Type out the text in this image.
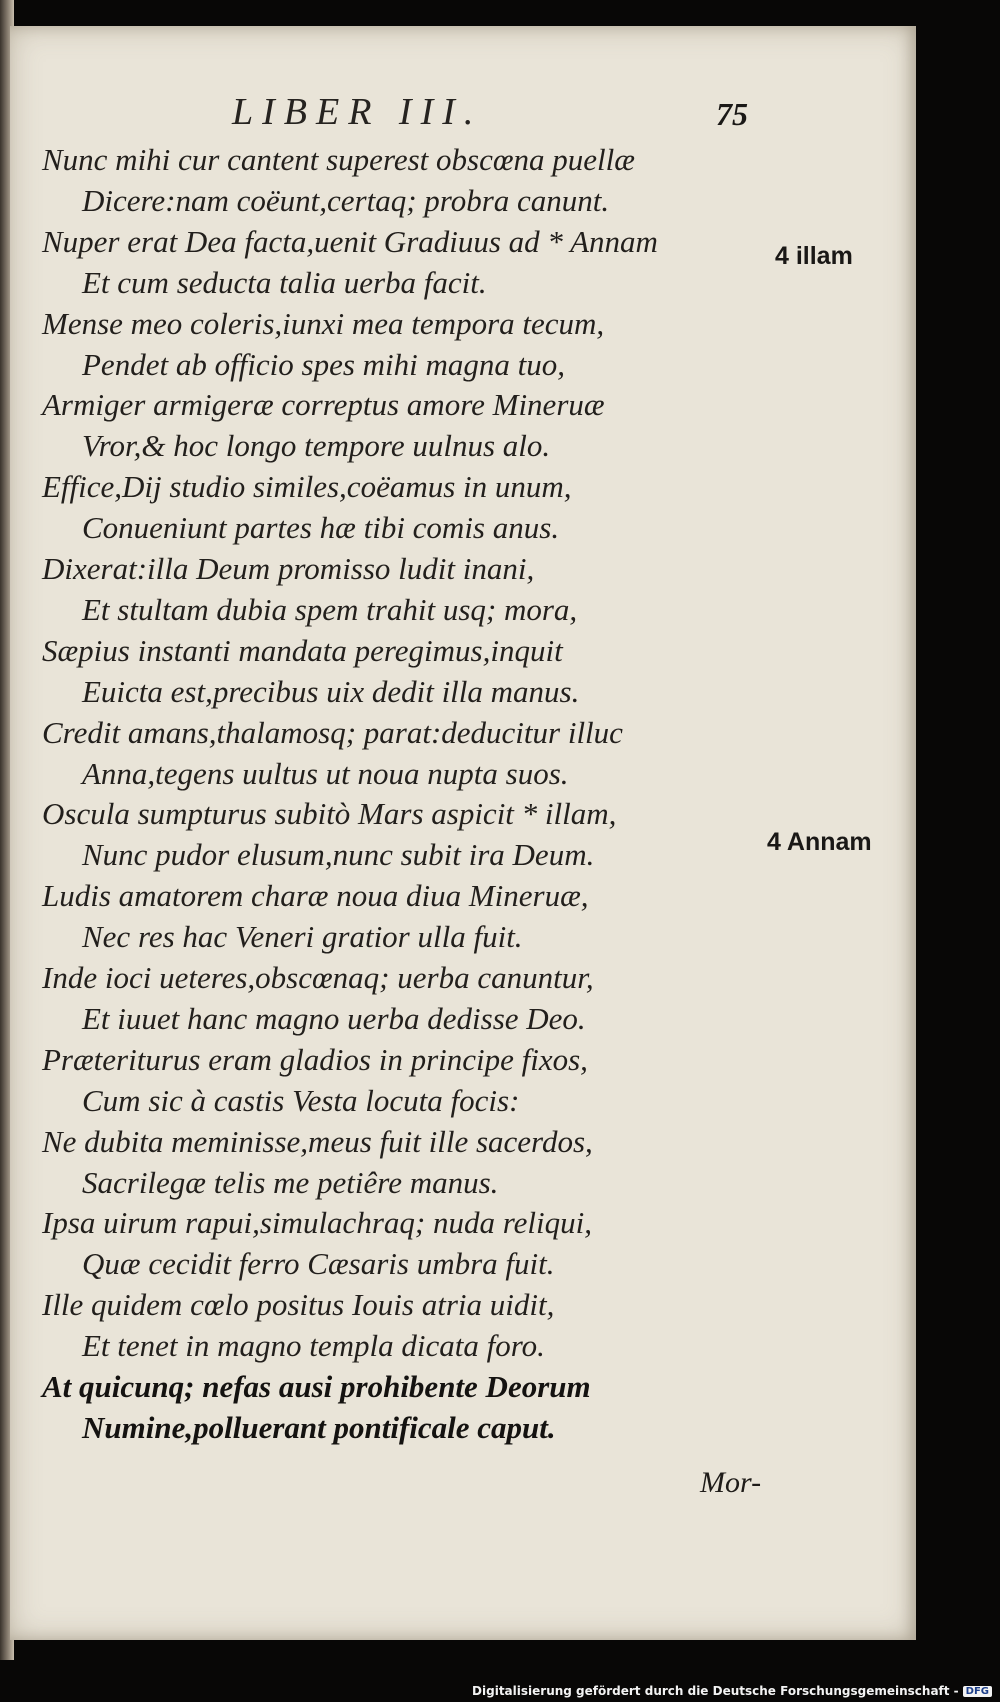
LIBER III.	75
Nunc mihi cur cantent superest obscœna puellæ
Dicere:nam coëunt,certaq; probra canunt.
Nuper erat Dea facta,uenit Gradiuus ad * Annam
Et cum seducta talia uerba facit.
Mense meo coleris,iunxi mea tempora tecum,
Pendet ab officio spes mihi magna tuo,
Armiger armigeræ correptus amore Mineruæ
Vror,& hoc longo tempore uulnus alo.
Effice,Dij studio similes,coëamus in unum,
Conueniunt partes hæ tibi comis anus.
Dixerat:illa Deum promisso ludit inani,
Et stultam dubia spem trahit usq; mora,
Sæpius instanti mandata peregimus,inquit
Euicta est,precibus uix dedit illa manus.
Credit amans,thalamosq; parat:deducitur illuc
Anna,tegens uultus ut noua nupta suos.
Oscula sumpturus subitò Mars aspicit * illam,
Nunc pudor elusum,nunc subit ira Deum.
Ludis amatorem charæ noua diua Mineruæ,
Nec res hac Veneri gratior ulla fuit.
Inde ioci ueteres,obscœnaq; uerba canuntur,
Et iuuet hanc magno uerba dedisse Deo.
Præteriturus eram gladios in principe fixos,
Cum sic à castis Vesta locuta focis:
Ne dubita meminisse,meus fuit ille sacerdos,
Sacrilegæ telis me petiêre manus.
Ipsa uirum rapui,simulachraq; nuda reliqui,
Quæ cecidit ferro Cæsaris umbra fuit.
Ille quidem cœlo positus Iouis atria uidit,
Et tenet in magno templa dicata foro.
At quicunq; nefas ausi prohibente Deorum
Numine,polluerant pontificale caput.
4 illam
4 Annam
Mor-
Digitalisierung gefördert durch die Deutsche Forschungsgemeinschaft - DFG
